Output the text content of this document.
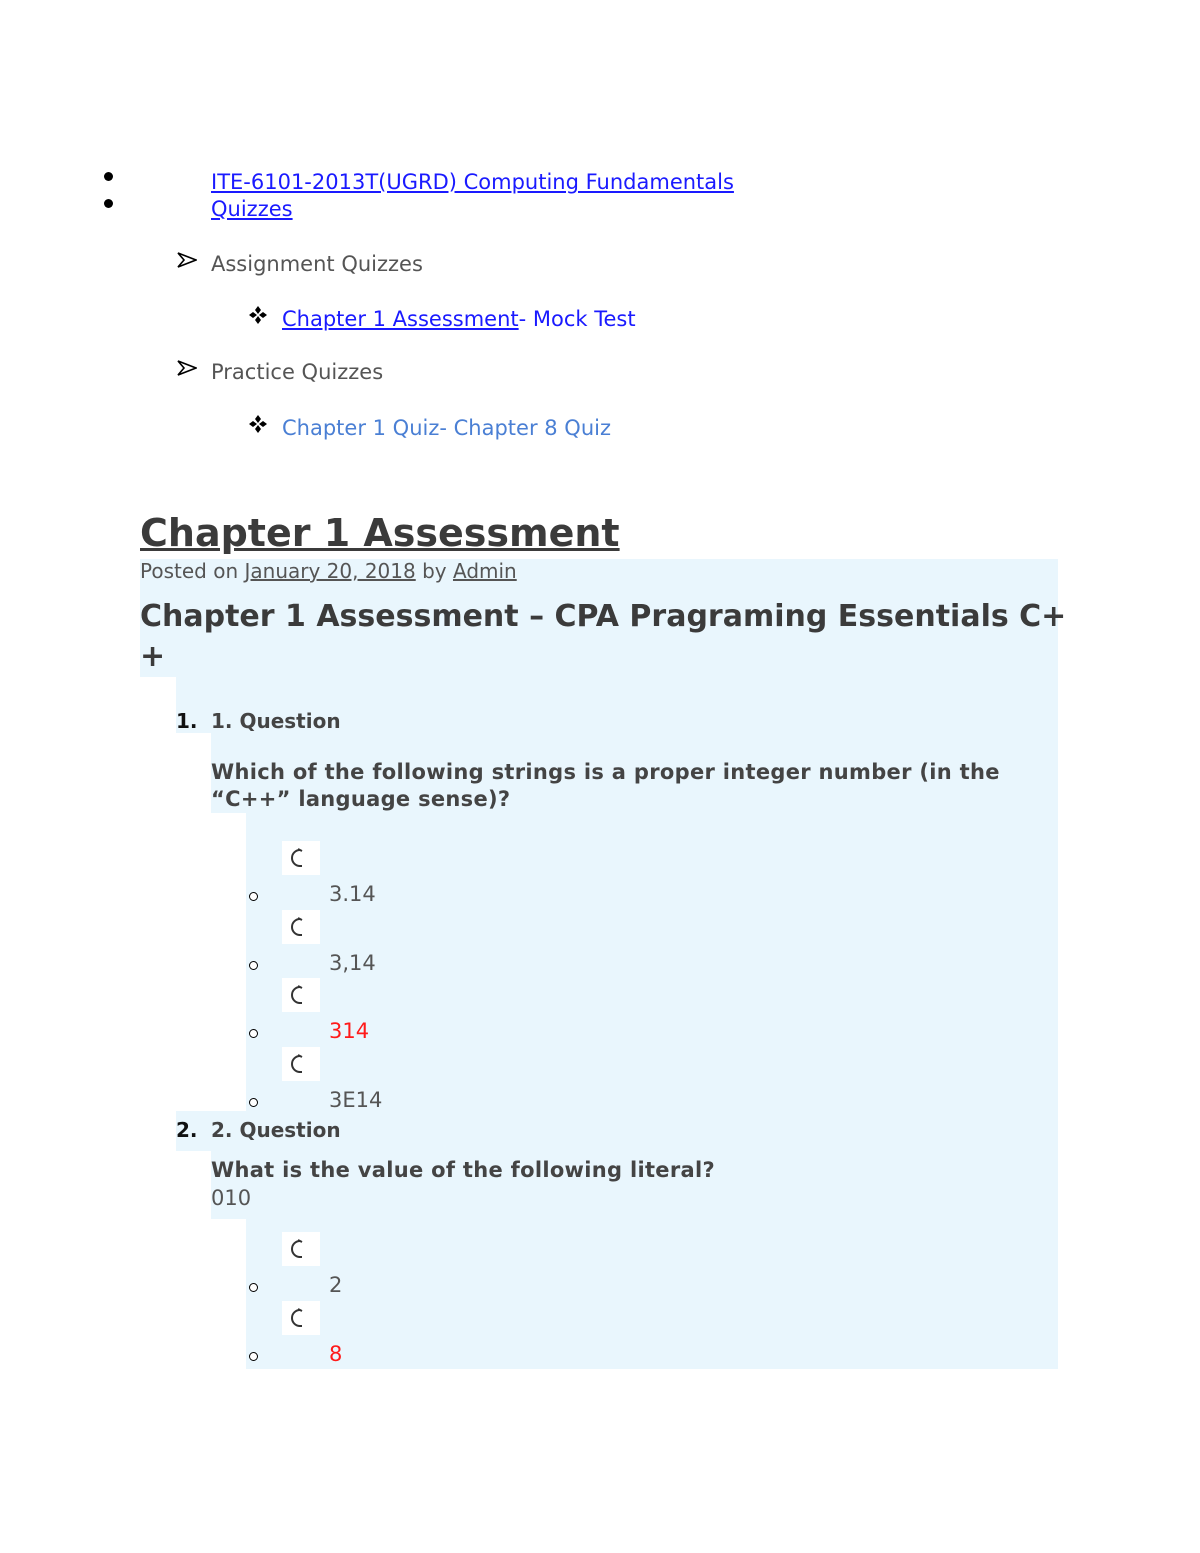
ITE-6101-2013T(UGRD) Computing Fundamentals
Quizzes
Assignment Quizzes
Chapter 1 Assessment- Mock Test
Practice Quizzes
Chapter 1 Quiz- Chapter 8 Quiz
Chapter 1 Assessment
Posted on January 20, 2018 by Admin
Chapter 1 Assessment – CPA Pragraming Essentials C+
+
1. 1. Question
Which of the following strings is a proper integer number (in the
“C++” language sense)?
3.14
3,14
314
3E14
2. 2. Question
What is the value of the following literal?
010
2
8
